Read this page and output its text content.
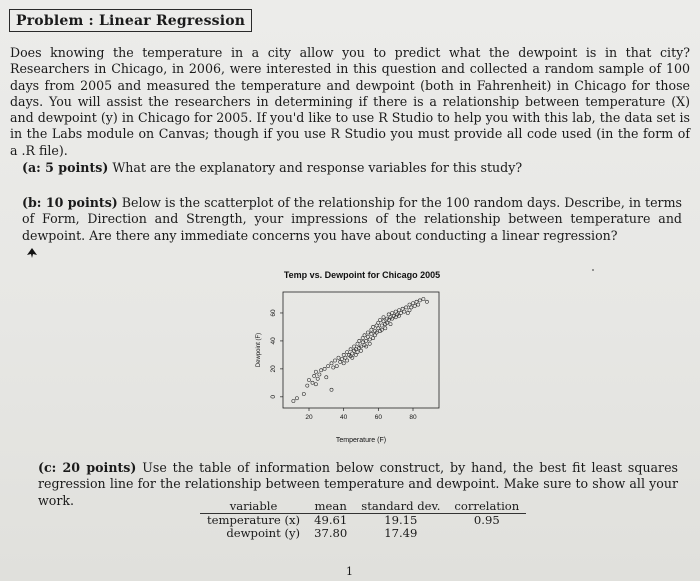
Problem : Linear Regression
Does knowing the temperature in a city allow you to predict what the dewpoint is in that city? Researchers in Chicago, in 2006, were interested in this question and collected a random sample of 100 days from 2005 and measured the temperature and dewpoint (both in Fahrenheit) in Chicago for those days. You will assist the researchers in determining if there is a relationship between temperature (X) and dewpoint (y) in Chicago for 2005. If you'd like to use R Studio to help you with this lab, the data set is in the Labs module on Canvas; though if you use R Studio you must provide all code used (in the form of a .R file).
(a: 5 points) What are the explanatory and response variables for this study?
(b: 10 points) Below is the scatterplot of the relationship for the 100 random days. Describe, in terms of Form, Direction and Strength, your impressions of the relationship between temperature and dewpoint. Are there any immediate concerns you have about conducting a linear regression?
Temp vs. Dewpoint for Chicago 2005
Temperature (F)
Dewpoint (F)
20	40	60	80
0
20
40
60
(c: 20 points) Use the table of information below construct, by hand, the best fit least squares regression line for the relationship between temperature and dewpoint. Make sure to show all your work.	variable	mean	standard dev.	correlation
temperature (x)	49.61	19.15	0.95
dewpoint (y)	37.80	17.49	
1
